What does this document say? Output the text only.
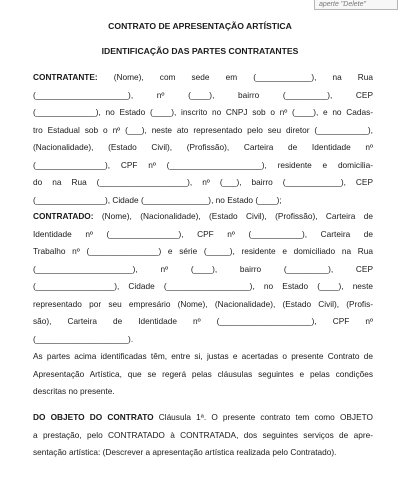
aperte "Delete"

CONTRATO DE APRESENTAÇÃO ARTÍSTICA

IDENTIFICAÇÃO DAS PARTES CONTRATANTES

CONTRATANTE: (Nome), com sede em (____________), na Rua
(____________________), nº (____), bairro (_________), CEP
(_____________), no Estado (____), inscrito no CNPJ sob o nº (____), e no Cadas-
tro Estadual sob o nº (___), neste ato representado pelo seu diretor (___________),
(Nacionalidade), (Estado Civil), (Profissão), Carteira de Identidade nº
(_______________), CPF nº (____________________), residente e domicilia-
do na Rua (___________________), nº (___), bairro (____________), CEP
(_______________), Cidade (______________), no Estado (____);
CONTRATADO: (Nome), (Nacionalidade), (Estado Civil), (Profissão), Carteira de
Identidade nº (_______________), CPF nº (___________), Carteira de
Trabalho nº (_______________) e série (_____), residente e domiciliado na Rua
(_____________________), nº (____), bairro (_________), CEP
(_________________), Cidade (__________________), no Estado (____), neste
representado por seu empresário (Nome), (Nacionalidade), (Estado Civil), (Profis-
são), Carteira de Identidade nº (____________________), CPF nº
(____________________).
As partes acima identificadas têm, entre si, justas e acertadas o presente Contrato de
Apresentação Artística, que se regerá pelas cláusulas seguintes e pelas condições
descritas no presente.
DO OBJETO DO CONTRATO Cláusula 1ª. O presente contrato tem como OBJETO
a prestação, pelo CONTRATADO à CONTRATADA, dos seguintes serviços de apre-
sentação artística: (Descrever a apresentação artística realizada pelo Contratado).
